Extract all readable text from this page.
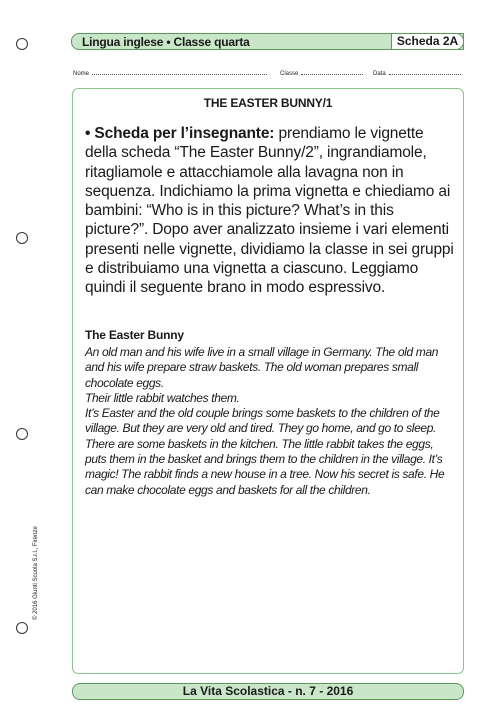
Lingua inglese • Classe quarta	Scheda 2A
Nome	Classe	Data
THE EASTER BUNNY/1
• Scheda per l’insegnante: prendiamo le vignette della scheda “The Easter Bunny/2”, ingrandiamole, ritagliamole e attacchiamole alla lavagna non in sequenza. Indichiamo la prima vignetta e chiediamo ai bambini: “Who is in this picture? What’s in this picture?”. Dopo aver analizzato insieme i vari elementi presenti nelle vignette, dividiamo la classe in sei gruppi e distribuiamo una vignetta a ciascuno. Leggiamo quindi il seguente brano in modo espressivo.
The Easter Bunny

An old man and his wife live in a small village in Germany. The old man and his wife prepare straw baskets. The old woman prepares small chocolate eggs.

Their little rabbit watches them.

It’s Easter and the old couple brings some baskets to the children of the village. But they are very old and tired. They go home, and go to sleep.

There are some baskets in the kitchen. The little rabbit takes the eggs, puts them in the basket and brings them to the children in the village. It’s magic! The rabbit finds a new house in a tree. Now his secret is safe. He can make chocolate eggs and baskets for all the children.

© 2016 Giunti Scuola S.r.l., Firenze
La Vita Scolastica - n. 7 - 2016
